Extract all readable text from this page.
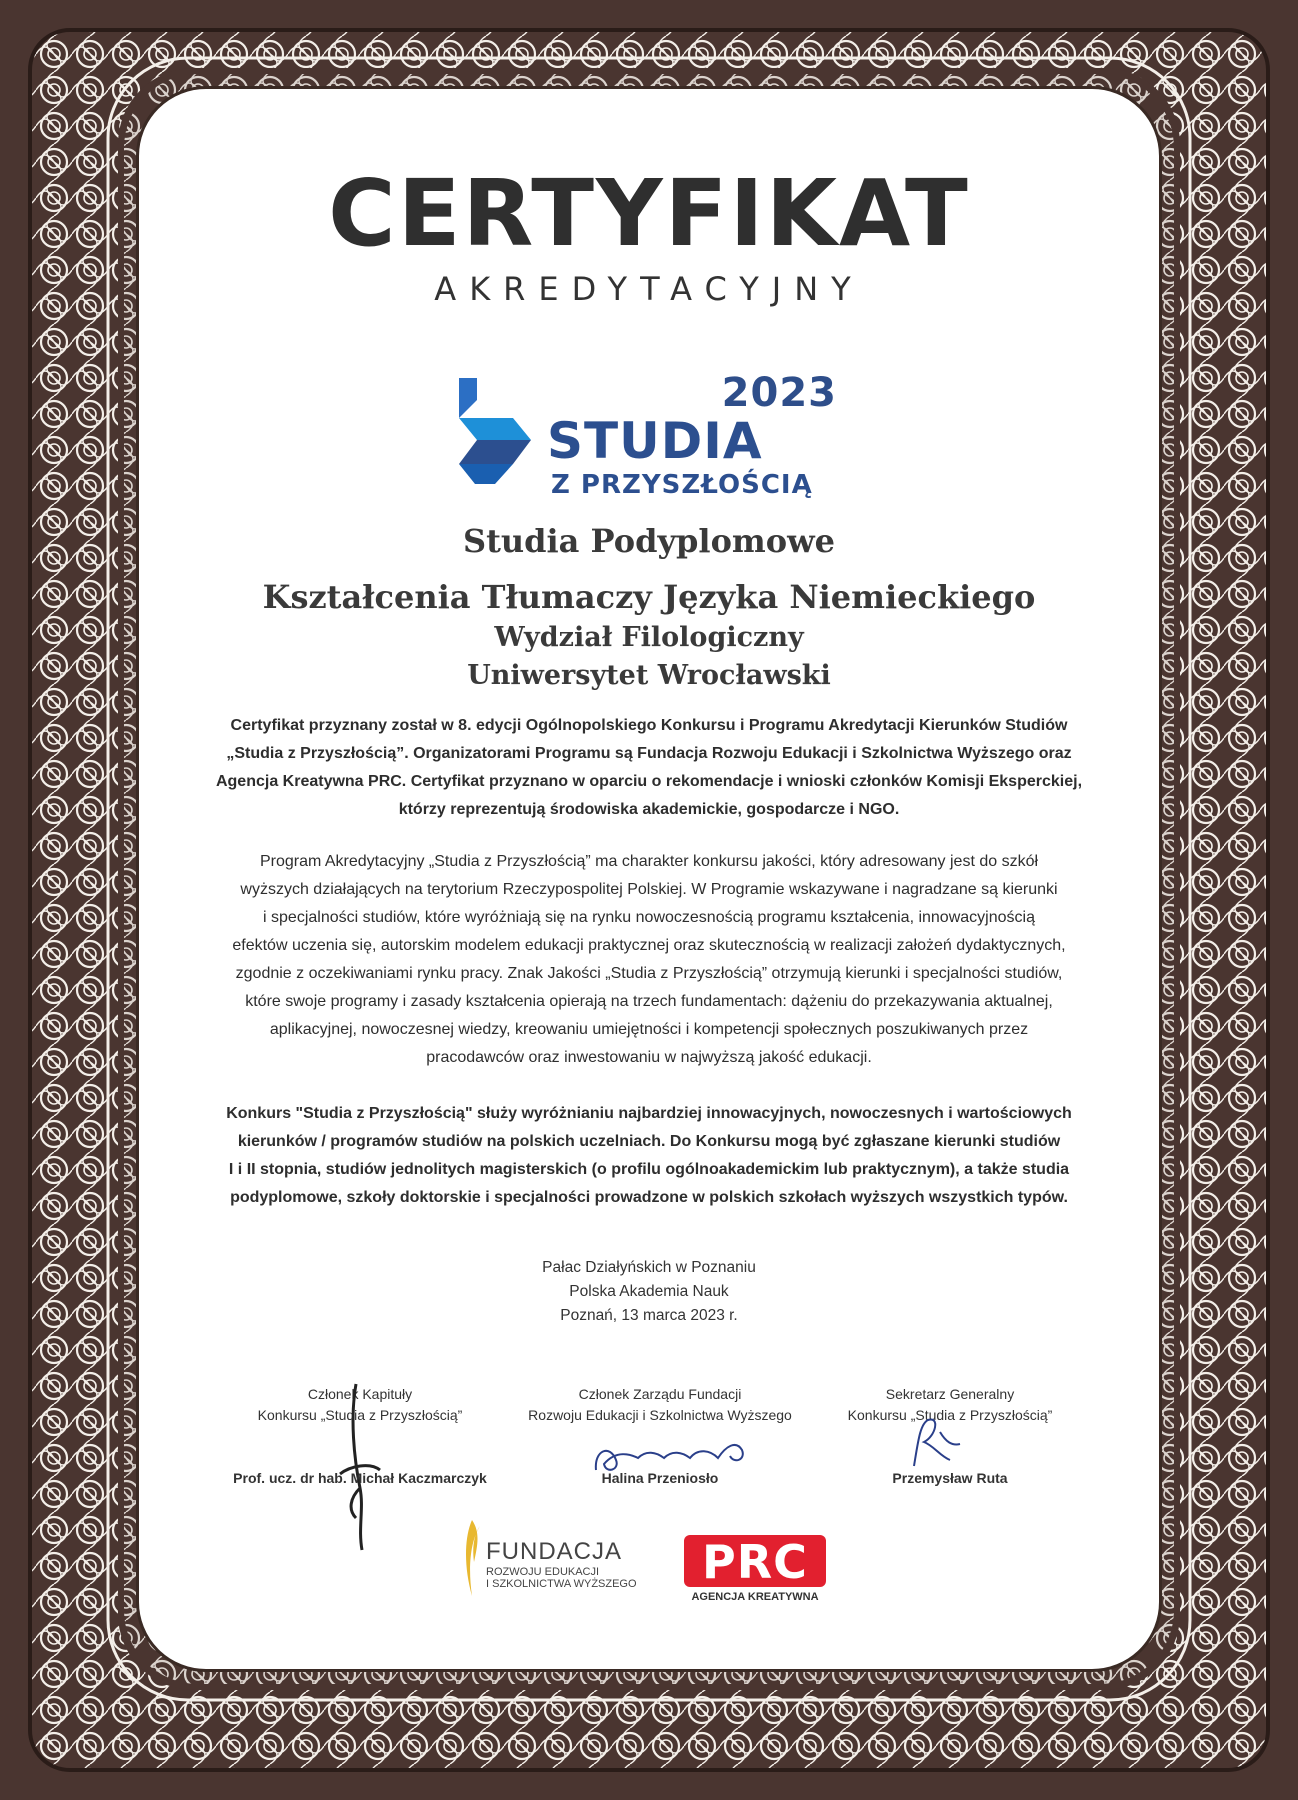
CERTYFIKAT
AKREDYTACYJNY
2023
STUDIA
Z PRZYSZŁOŚCIĄ
Studia Podyplomowe
Kształcenia Tłumaczy Języka Niemieckiego
Wydział Filologiczny
Uniwersytet Wrocławski
Certyfikat przyznany został w 8. edycji Ogólnopolskiego Konkursu i Programu Akredytacji Kierunków Studiów
„Studia z Przyszłością”. Organizatorami Programu są Fundacja Rozwoju Edukacji i Szkolnictwa Wyższego oraz
Agencja Kreatywna PRC. Certyfikat przyznano w oparciu o rekomendacje i wnioski członków Komisji Eksperckiej,
którzy reprezentują środowiska akademickie, gospodarcze i NGO.
Program Akredytacyjny „Studia z Przyszłością” ma charakter konkursu jakości, który adresowany jest do szkół
wyższych działających na terytorium Rzeczypospolitej Polskiej. W Programie wskazywane i nagradzane są kierunki
i specjalności studiów, które wyróżniają się na rynku nowoczesnością programu kształcenia, innowacyjnością
efektów uczenia się, autorskim modelem edukacji praktycznej oraz skutecznością w realizacji założeń dydaktycznych,
zgodnie z oczekiwaniami rynku pracy. Znak Jakości „Studia z Przyszłością” otrzymują kierunki i specjalności studiów,
które swoje programy i zasady kształcenia opierają na trzech fundamentach: dążeniu do przekazywania aktualnej,
aplikacyjnej, nowoczesnej wiedzy, kreowaniu umiejętności i kompetencji społecznych poszukiwanych przez
pracodawców oraz inwestowaniu w najwyższą jakość edukacji.
Konkurs "Studia z Przyszłością" służy wyróżnianiu najbardziej innowacyjnych, nowoczesnych i wartościowych
kierunków / programów studiów na polskich uczelniach. Do Konkursu mogą być zgłaszane kierunki studiów
I i II stopnia, studiów jednolitych magisterskich (o profilu ogólnoakademickim lub praktycznym), a także studia
podyplomowe, szkoły doktorskie i specjalności prowadzone w polskich szkołach wyższych wszystkich typów.
Pałac Działyńskich w Poznaniu
Polska Akademia Nauk
Poznań, 13 marca 2023 r.
Członek Kapituły
Konkursu „Studia z Przyszłością”
Członek Zarządu Fundacji
Rozwoju Edukacji i Szkolnictwa Wyższego
Sekretarz Generalny
Konkursu „Studia z Przyszłością”
Prof. ucz. dr hab. Michał Kaczmarczyk	Halina Przeniosło	Przemysław Ruta
FUNDACJA
ROZWOJU EDUKACJI
I SZKOLNICTWA WYŻSZEGO	PRC
AGENCJA KREATYWNA
